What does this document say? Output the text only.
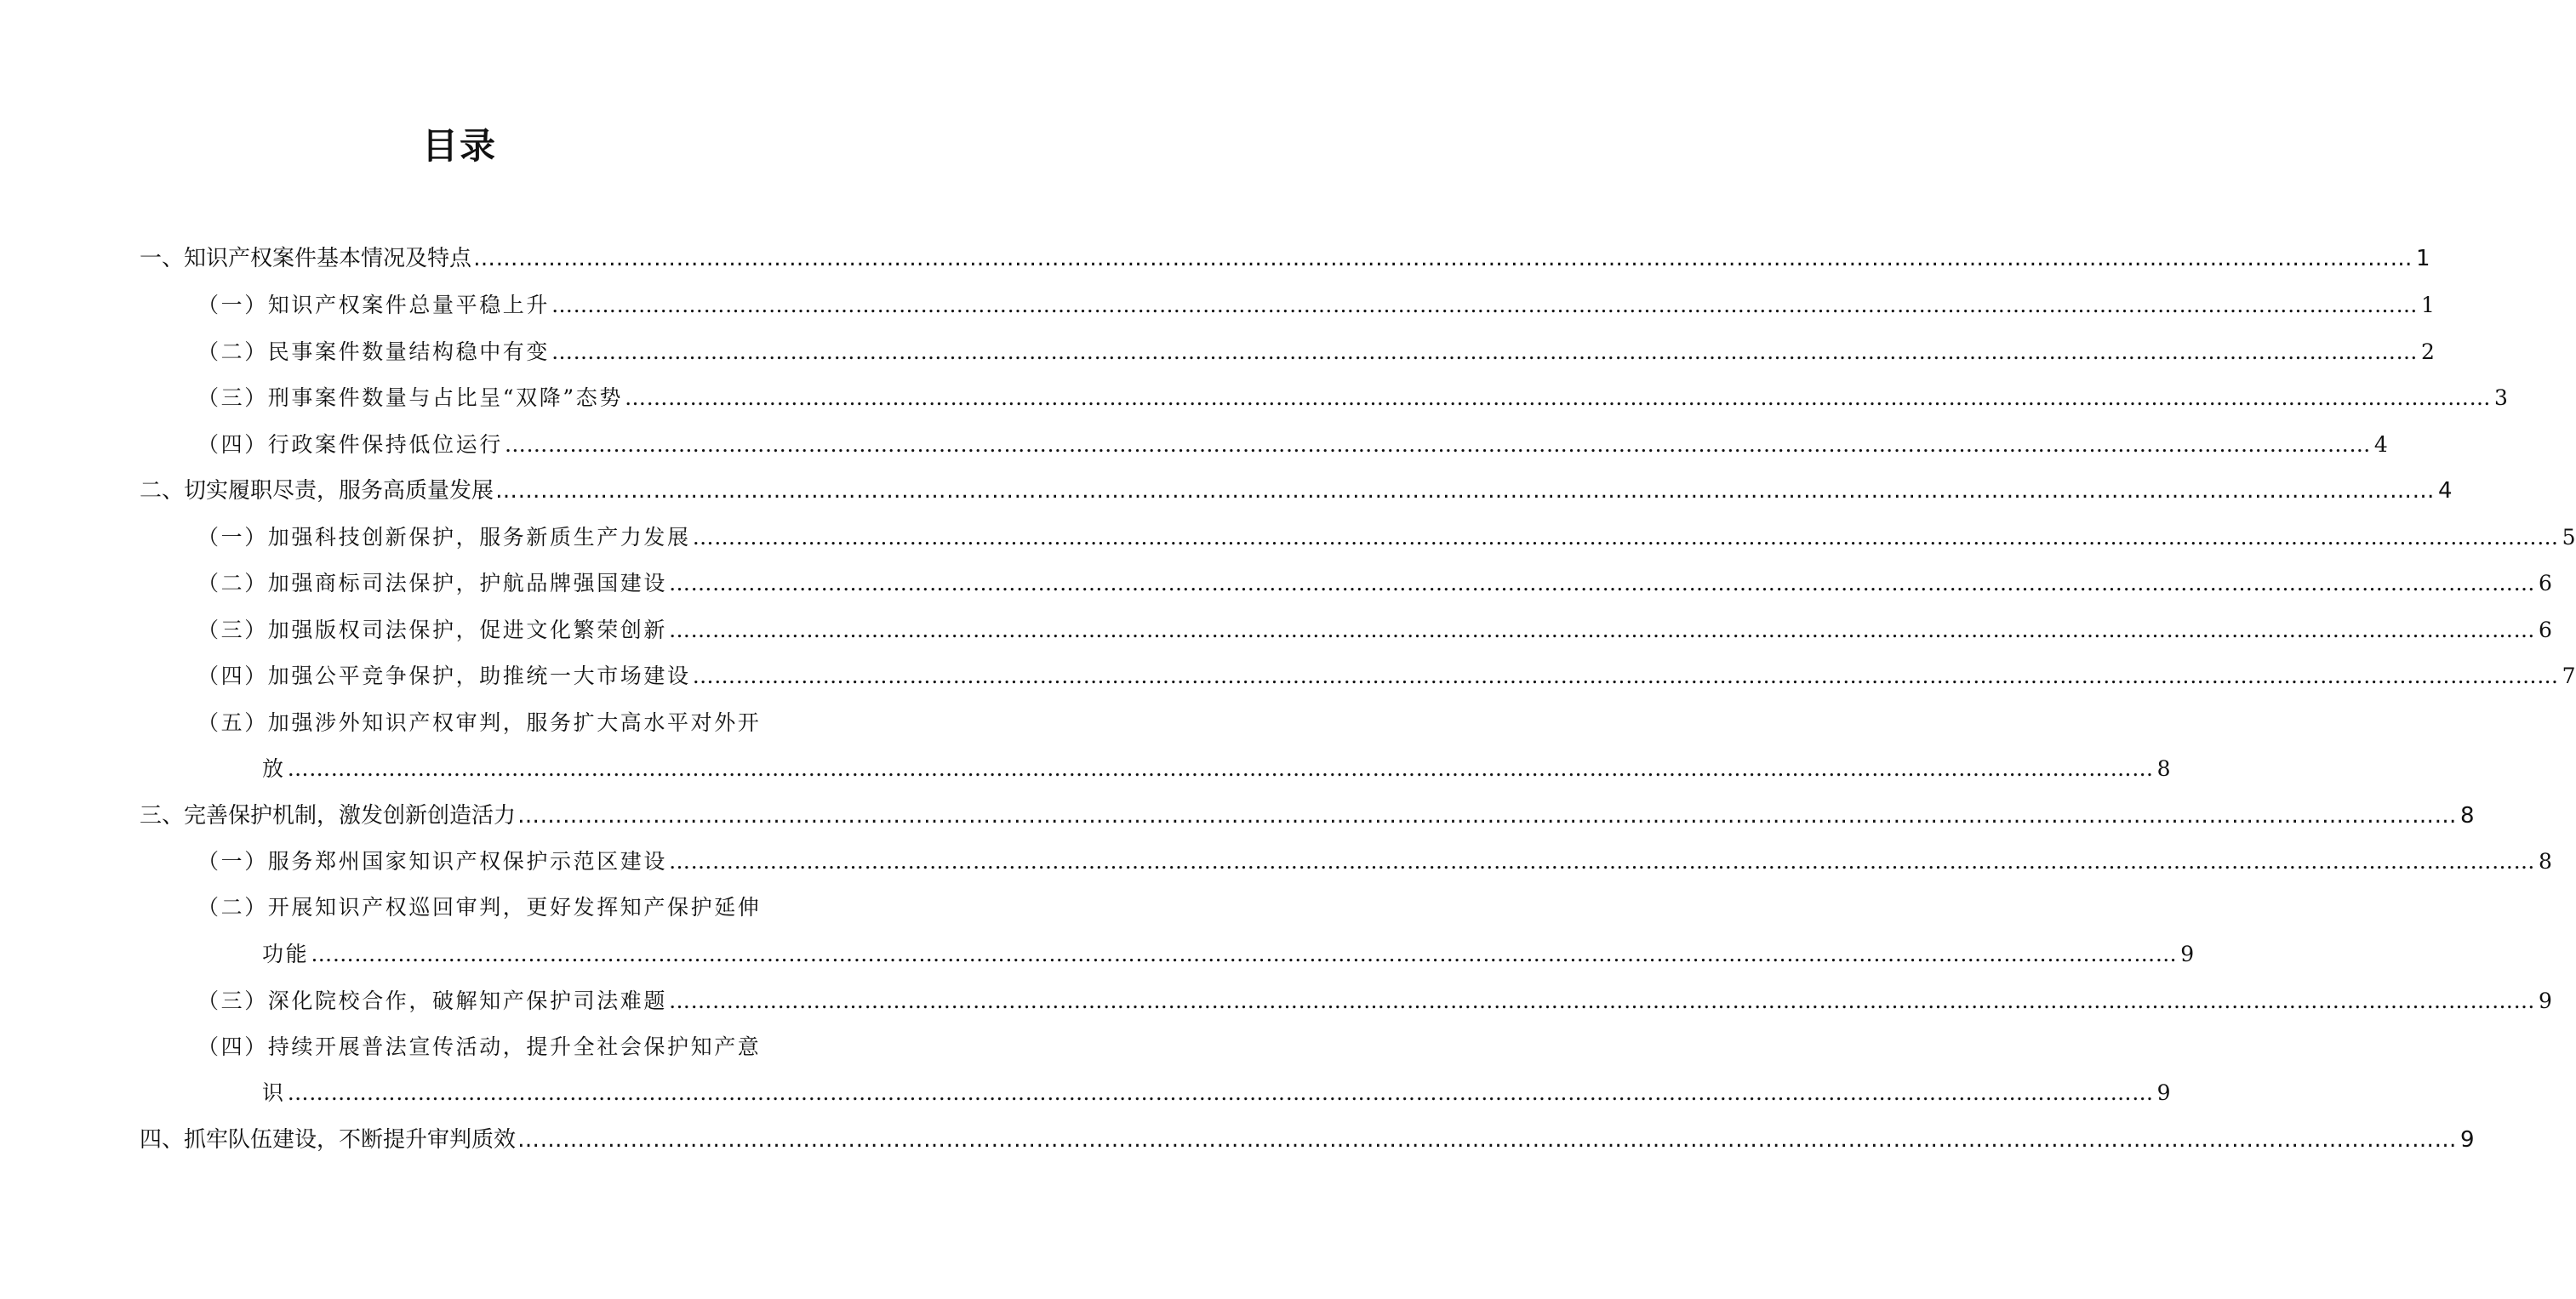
目录
一、知识产权案件基本情况及特点 …………………………………………………………………………………………………………………………………………………………………………………………………………………………………… 1
（一）知识产权案件总量平稳上升 …………………………………………………………………………………………………………………………………………………………………………………………………………………………………… 1
（二）民事案件数量结构稳中有变 …………………………………………………………………………………………………………………………………………………………………………………………………………………………………… 2
（三）刑事案件数量与占比呈“双降”态势 …………………………………………………………………………………………………………………………………………………………………………………………………………………………………… 3
（四）行政案件保持低位运行 …………………………………………………………………………………………………………………………………………………………………………………………………………………………………… 4
二、切实履职尽责，服务高质量发展 …………………………………………………………………………………………………………………………………………………………………………………………………………………………………… 4
（一）加强科技创新保护，服务新质生产力发展 …………………………………………………………………………………………………………………………………………………………………………………………………………………………………… 5
（二）加强商标司法保护，护航品牌强国建设 …………………………………………………………………………………………………………………………………………………………………………………………………………………………………… 6
（三）加强版权司法保护，促进文化繁荣创新 …………………………………………………………………………………………………………………………………………………………………………………………………………………………………… 6
（四）加强公平竞争保护，助推统一大市场建设 …………………………………………………………………………………………………………………………………………………………………………………………………………………………………… 7
（五）加强涉外知识产权审判，服务扩大高水平对外开
放 …………………………………………………………………………………………………………………………………………………………………………………………………………………………………… 8
三、完善保护机制，激发创新创造活力 …………………………………………………………………………………………………………………………………………………………………………………………………………………………………… 8
（一）服务郑州国家知识产权保护示范区建设 …………………………………………………………………………………………………………………………………………………………………………………………………………………………………… 8
（二）开展知识产权巡回审判，更好发挥知产保护延伸
功能 …………………………………………………………………………………………………………………………………………………………………………………………………………………………………… 9
（三）深化院校合作，破解知产保护司法难题 …………………………………………………………………………………………………………………………………………………………………………………………………………………………………… 9
（四）持续开展普法宣传活动，提升全社会保护知产意
识 …………………………………………………………………………………………………………………………………………………………………………………………………………………………………… 9
四、抓牢队伍建设，不断提升审判质效 …………………………………………………………………………………………………………………………………………………………………………………………………………………………………… 9
